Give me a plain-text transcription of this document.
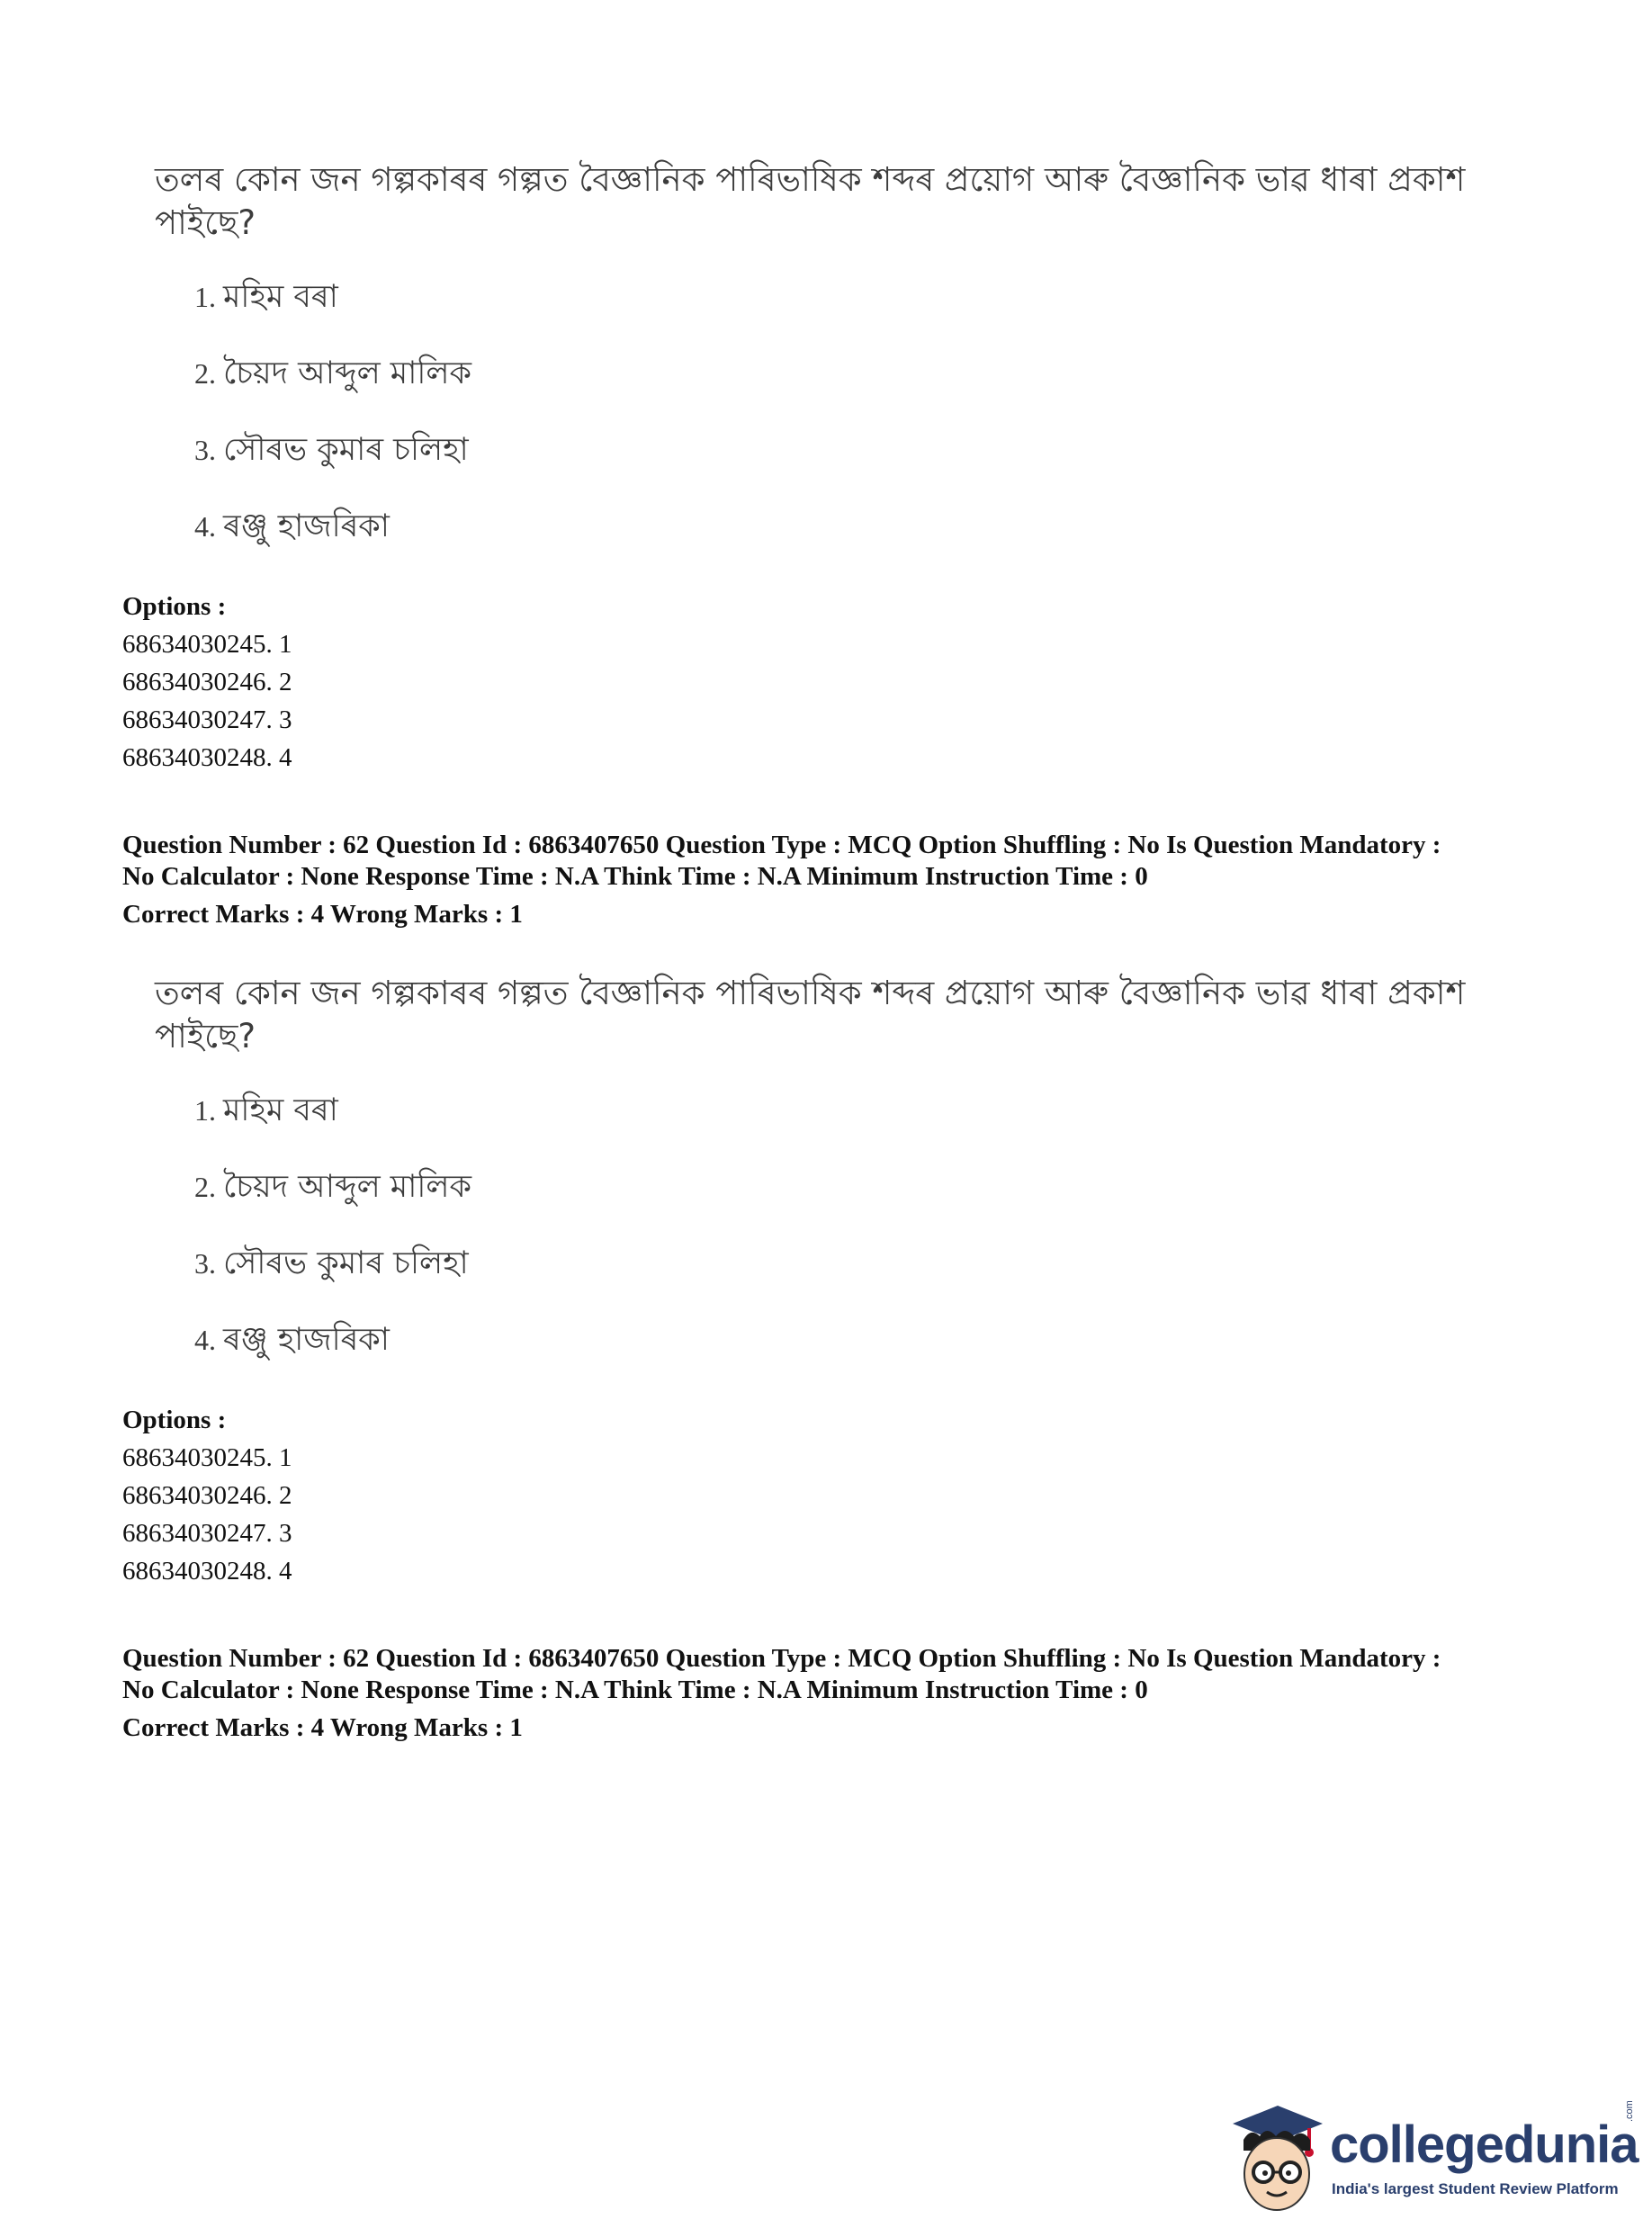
তলৰ কোন জন গল্পকাৰৰ গল্পত বৈজ্ঞানিক পাৰিভাষিক শব্দৰ প্ৰয়োগ আৰু বৈজ্ঞানিক ভাৱ ধাৰা প্ৰকাশ পাইছে?
1. মহিম বৰা
2. চৈয়দ আব্দুল মালিক
3. সৌৰভ কুমাৰ চলিহা
4. ৰঞ্জু হাজৰিকা
Options :
68634030245. 1
68634030246. 2
68634030247. 3
68634030248. 4
Question Number : 62 Question Id : 6863407650 Question Type : MCQ Option Shuffling : No Is Question Mandatory :
No Calculator : None Response Time : N.A Think Time : N.A Minimum Instruction Time : 0
Correct Marks : 4 Wrong Marks : 1
তলৰ কোন জন গল্পকাৰৰ গল্পত বৈজ্ঞানিক পাৰিভাষিক শব্দৰ প্ৰয়োগ আৰু বৈজ্ঞানিক ভাৱ ধাৰা প্ৰকাশ পাইছে?
1. মহিম বৰা
2. চৈয়দ আব্দুল মালিক
3. সৌৰভ কুমাৰ চলিহা
4. ৰঞ্জু হাজৰিকা
Options :
68634030245. 1
68634030246. 2
68634030247. 3
68634030248. 4
Question Number : 62 Question Id : 6863407650 Question Type : MCQ Option Shuffling : No Is Question Mandatory :
No Calculator : None Response Time : N.A Think Time : N.A Minimum Instruction Time : 0
Correct Marks : 4 Wrong Marks : 1
collegedunia
.com
India's largest Student Review Platform
